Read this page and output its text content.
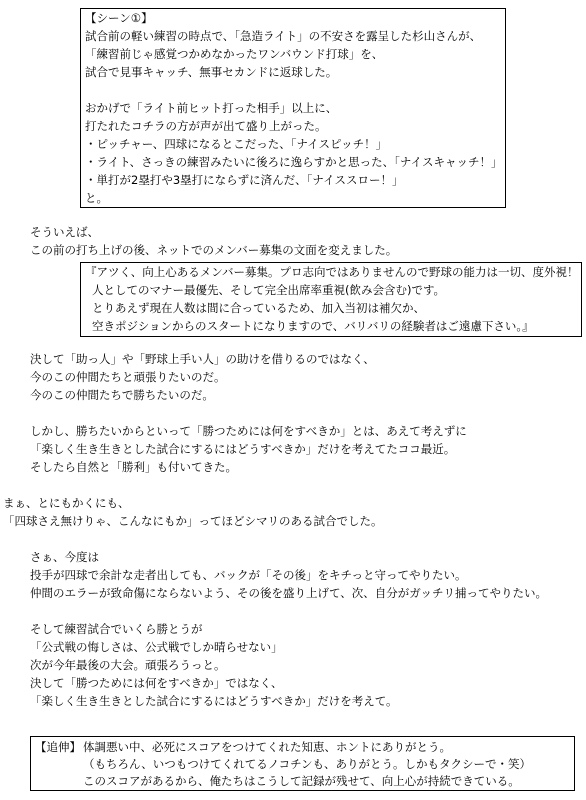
【シーン①】
試合前の軽い練習の時点で、「急造ライト」の不安さを露呈した杉山さんが、
「練習前じゃ感覚つかめなかったワンバウンド打球」を、
試合で見事キャッチ、無事セカンドに返球した。
おかげで「ライト前ヒット打った相手」以上に、
打たれたコチラの方が声が出て盛り上がった。
・ピッチャー、四球になるとこだった、「ナイスピッチ！」
・ライト、さっきの練習みたいに後ろに逸らすかと思った、「ナイスキャッチ！」
・単打が2塁打や3塁打にならずに済んだ、「ナイススロー！」
と。
そういえば、
この前の打ち上げの後、ネットでのメンバー募集の文面を変えました。
『アツく、向上心あるメンバー募集。プロ志向ではありませんので野球の能力は一切、度外視！
人としてのマナー最優先、そして完全出席率重視(飲み会含む)です。
とりあえず現在人数は間に合っているため、加入当初は補欠か、
空きポジションからのスタートになりますので、バリバリの経験者はご遠慮下さい。』
決して「助っ人」や「野球上手い人」の助けを借りるのではなく、
今のこの仲間たちと頑張りたいのだ。
今のこの仲間たちで勝ちたいのだ。
しかし、勝ちたいからといって「勝つためには何をすべきか」とは、あえて考えずに
「楽しく生き生きとした試合にするにはどうすべきか」だけを考えてたココ最近。
そしたら自然と「勝利」も付いてきた。
まぁ、とにもかくにも、
「四球さえ無けりゃ、こんなにもか」ってほどシマリのある試合でした。
さぁ、今度は
投手が四球で余計な走者出しても、バックが「その後」をキチっと守ってやりたい。
仲間のエラーが致命傷にならないよう、その後を盛り上げて、次、自分がガッチリ捕ってやりたい。
そして練習試合でいくら勝とうが
「公式戦の悔しさは、公式戦でしか晴らせない」
次が今年最後の大会。頑張ろうっと。
決して「勝つためには何をすべきか」ではなく、
「楽しく生き生きとした試合にするにはどうすべきか」だけを考えて。
【追伸】 体調悪い中、必死にスコアをつけてくれた知恵、ホントにありがとう。
（もちろん、いつもつけてくれてるノコチンも、ありがとう。しかもタクシーで・笑）
このスコアがあるから、俺たちはこうして記録が残せて、向上心が持続できている。
